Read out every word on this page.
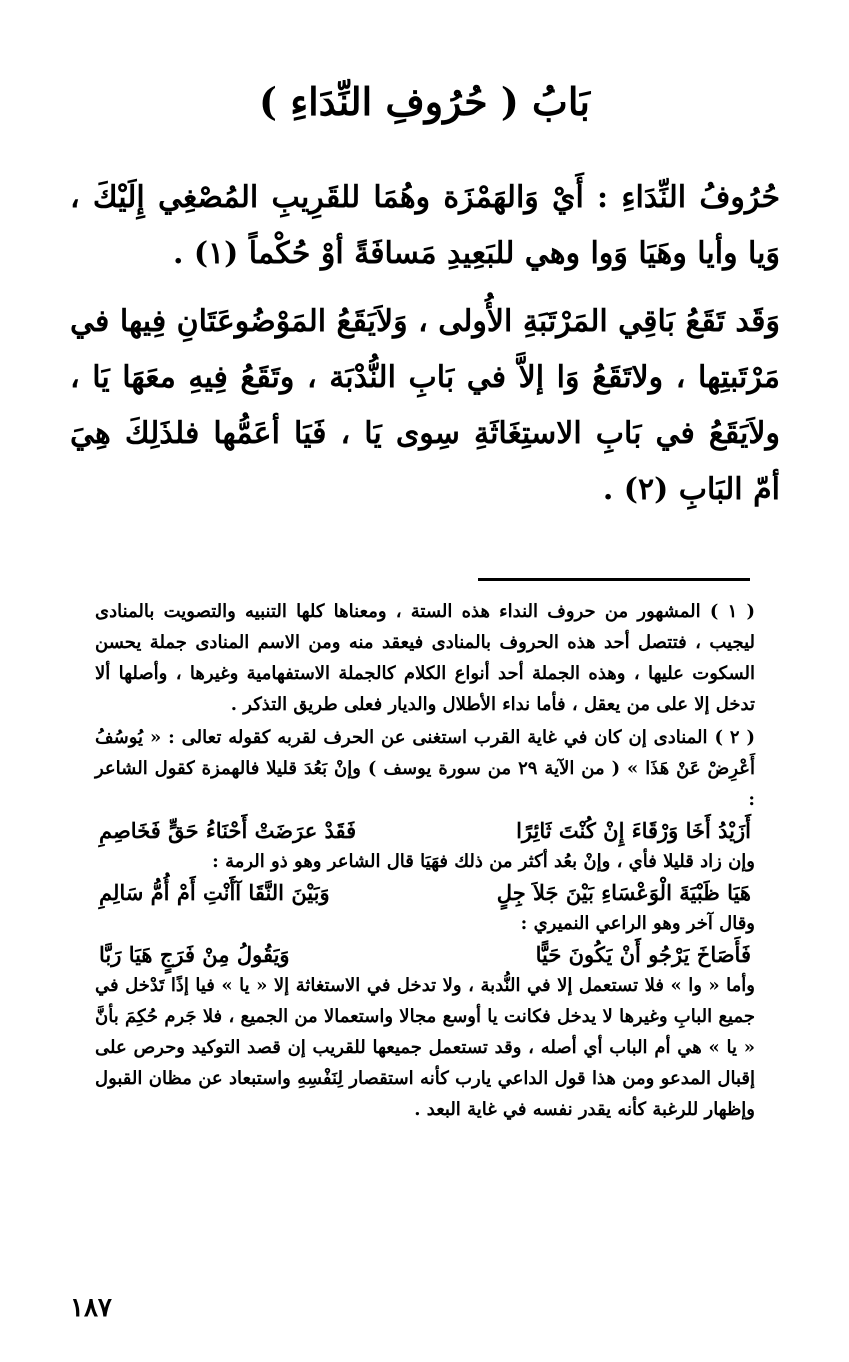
بَابُ ( حُرُوفِ النِّدَاءِ )

حُرُوفُ النِّدَاءِ : أَيْ وَالهَمْزَة وهُمَا للقَرِيبِ المُصْغِي إِلَيْكَ ، وَيا وأيا وهَيَا وَوا وهي للبَعِيدِ مَسافَةً أوْ حُكْماً (١) .

وَقَد تَقَعُ بَاقِي المَرْتَبَةِ الأُولى ، وَلاَيَقَعُ المَوْضُوعَتَانِ فِيها في مَرْتَبتِها ، ولاتَقَعُ وَا إلاَّ في بَابِ النُّدْبَة ، وتَقَعُ فِيهِ معَهَا يَا ، ولاَيَقَعُ في بَابِ الاستِغَاثَةِ سِوى يَا ، فَيَا أعَمُّها فلذَلِكَ هِيَ أمّ البَابِ (٢) .

( ١ ) المشهور من حروف النداء هذه الستة ، ومعناها كلها التنبيه والتصويت بالمنادى ليجيب ، فتتصل أحد هذه الحروف بالمنادى فيعقد منه ومن الاسم المنادى جملة يحسن السكوت عليها ، وهذه الجملة أحد أنواع الكلام كالجملة الاستفهامية وغيرها ، وأصلها ألا تدخل إلا على من يعقل ، فأما نداء الأطلال والديار فعلى طريق التذكر .

( ٢ ) المنادى إن كان في غاية القرب استغنى عن الحرف لقربه كقوله تعالى : « يُوسُفُ أَعْرِضْ عَنْ هَذَا » ( من الآية ٢٩ من سورة يوسف ) وإنْ بَعُدَ قليلا فالهمزة كقول الشاعر :

أَزَيْدُ أَخَا وَرْقَاءَ إِنْ كُنْتَ ثَائِرًا
فَقَدْ عرَضَتْ أَحْنَاءُ حَقٍّ فَخَاصِمِ

وإن زاد قليلا فأي ، وإنْ بعُد أكثر من ذلك فهَيَا قال الشاعر وهو ذو الرمة :

هَيَا ظَبْيَةَ الْوَعْسَاءِ بَيْنَ جَلاَ جِلٍ
وَبَيْنَ النَّقَا آأَنْتِ أَمْ أُمُّ سَالِمِ

وقال آخر وهو الراعي النميري :

فَأَصَاخَ يَرْجُو أَنْ يَكُونَ حَيًّا
وَيَقُولُ مِنْ فَرَجٍ هَيَا رَبَّا

وأما « وا » فلا تستعمل إلا في النُّدبة ، ولا تدخل في الاستغاثة إلا « يا » فيا إذًا تَدْخل في جميع البابِ وغيرها لا يدخل فكانت يا أوسع مجالا واستعمالا من الجميع ، فلا جَرم حُكِمَ بأنَّ « يا » هي أم الباب أي أصله ، وقد تستعمل جميعها للقريب إن قصد التوكيد وحرص على إقبال المدعو ومن هذا قول الداعي يارب كأنه استقصار لِنَفْسِهِ واستبعاد عن مظان القبول وإظهار للرغبة كأنه يقدر نفسه في غاية البعد .

١٨٧
